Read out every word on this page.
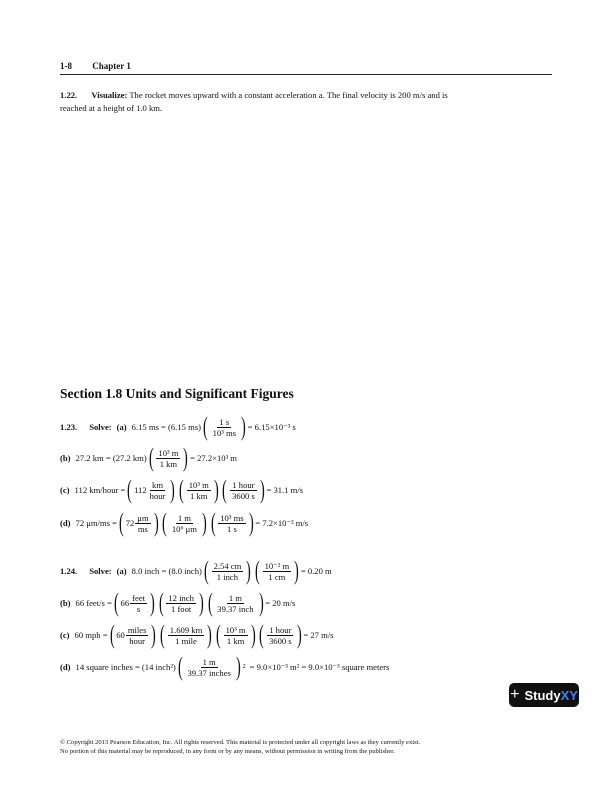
1-8 Chapter 1
1.22. Visualize: The rocket moves upward with a constant acceleration a. The final velocity is 200 m/s and is
reached at a height of 1.0 km.
Section 1.8 Units and Significant Figures
1.23. Solve: (a) 6.15 ms = (6.15 ms) ( $\frac{1 s}{\text{10³ ms}}$
) = 6.15×10⁻³ s
(b) 27.2 km = (27.2 km) ( $\frac{\text{10³ m}}{1 km}$
) = 27.2×10³ m
(c) 112 km/hour = ( $112 \frac{km}{\text{hour}}$
) ( $\frac{\text{10³ m}}{1 km}$
) ( $\frac{\text{1 hour}}{3600 s}$
) = 31.1 m/s
(d) 72 μm/ms = ( $72 \frac{\mu m}{ms}$
) ( $\frac{1 m}{\text{10⁶ μm}}$
) ( $\frac{\text{10³ ms}}{1 s}$
) = 7.2×10⁻² m/s
1.24. Solve: (a) 8.0 inch = (8.0 inch) ( $\frac{2.54 cm}{\text{1 inch}}$
) ( $\frac{\text{10⁻² m}}{1 cm}$
) = 0.20 m
(b) 66 feet/s = ( $66 \frac{\text{feet}}{s}$
) ( $\frac{\text{12 inch}}{\text{1 foot}}$
) ( $\frac{1 m}{\text{39.37 inch}}$
) = 20 m/s
(c) 60 mph = ( $60 \frac{\text{miles}}{\text{hour}}$
) ( $\frac{1.609 km}{\text{1 mile}}$
) ( $\frac{\text{10³ m}}{1 km}$
) ( $\frac{\text{1 hour}}{3600 s}$
) = 27 m/s
(d) 14 square inches = (14 inch²) ( $\frac{1 m}{\text{39.37 inches}}$
) 2 = 9.0×10⁻³ m² = 9.0×10⁻³ square meters
+ Study XY
© Copyright 2013 Pearson Education, Inc. All rights reserved. This material is protected under all copyright laws as they currently exist.
No portion of this material may be reproduced, in any form or by any means, without permission in writing from the publisher.
